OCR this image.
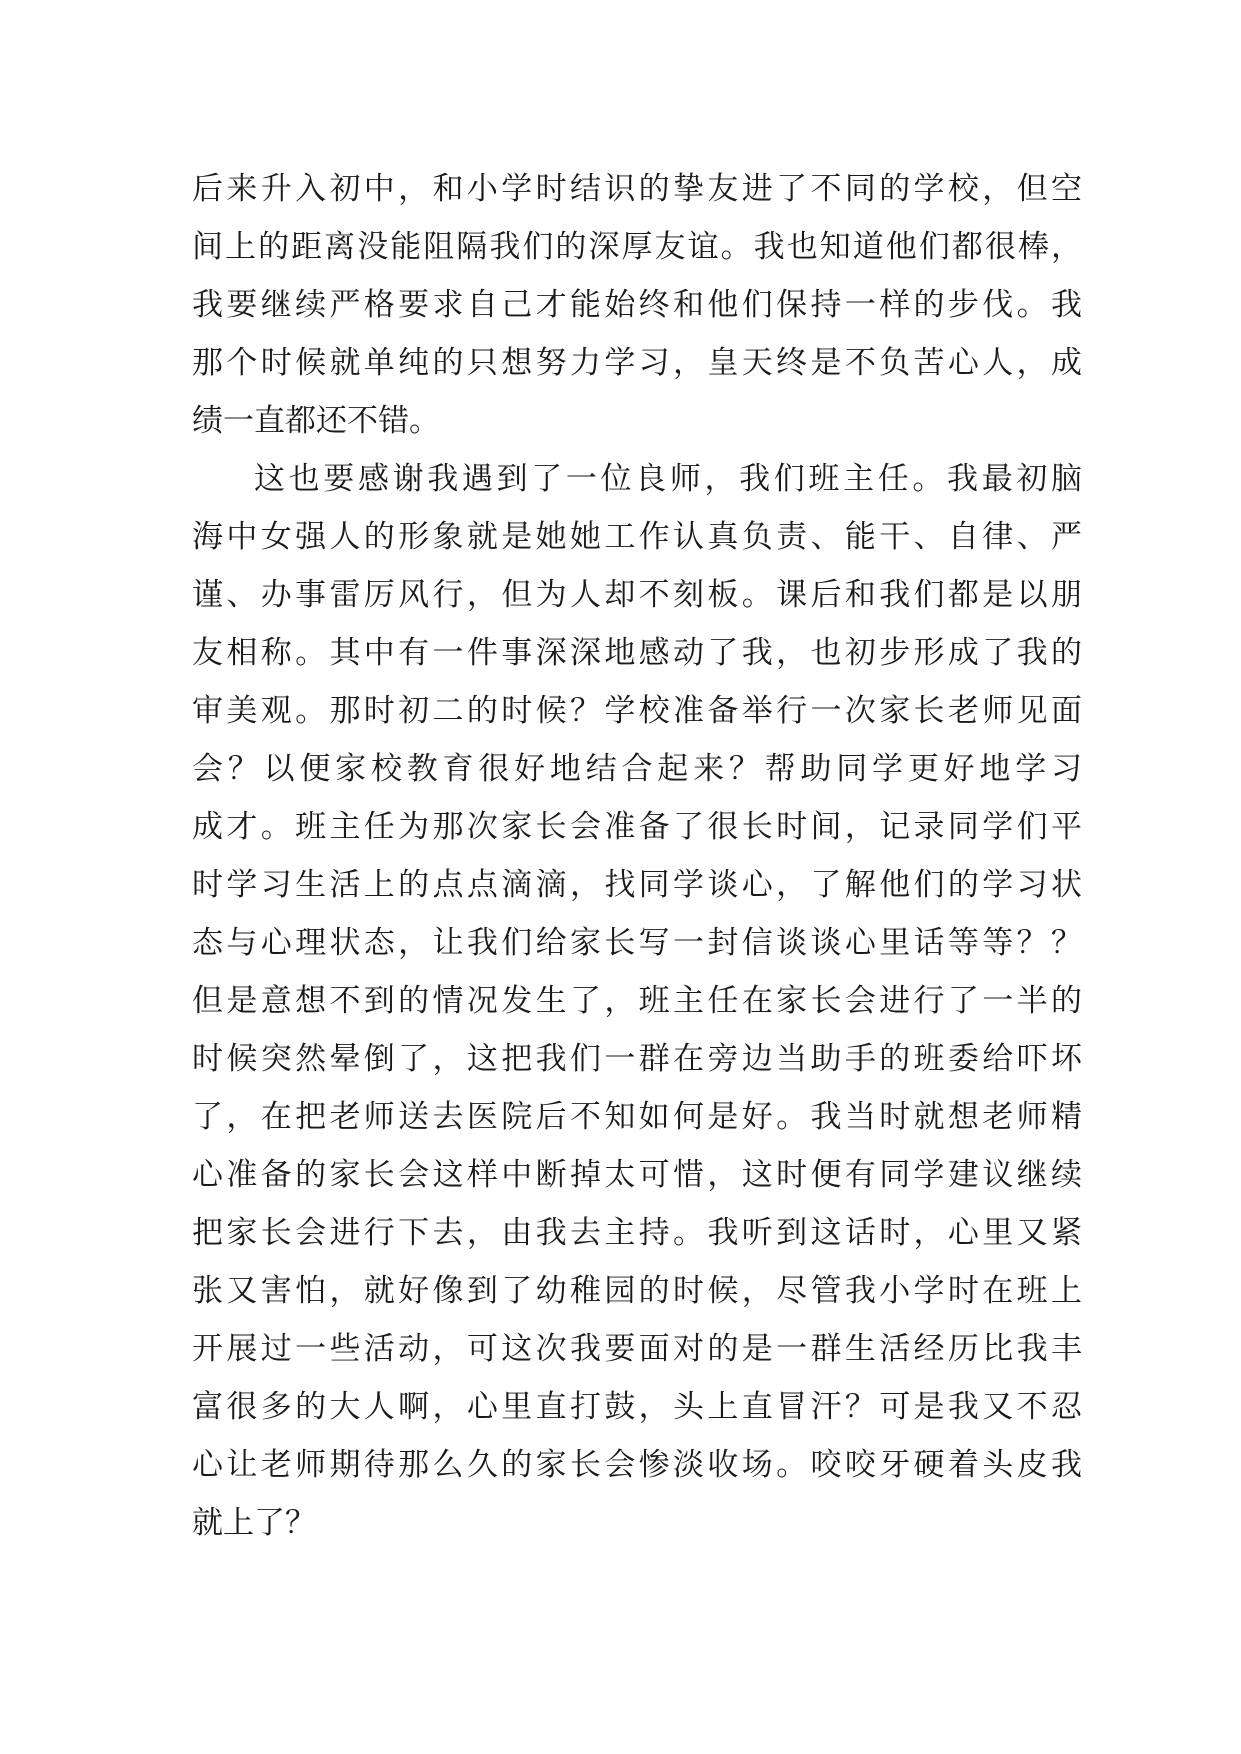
后来升入初中，和小学时结识的挚友进了不同的学校，但空
间上的距离没能阻隔我们的深厚友谊。我也知道他们都很棒，
我要继续严格要求自己才能始终和他们保持一样的步伐。我
那个时候就单纯的只想努力学习，皇天终是不负苦心人，成
绩一直都还不错。
这也要感谢我遇到了一位良师，我们班主任。我最初脑
海中女强人的形象就是她她工作认真负责、能干、自律、严
谨、办事雷厉风行，但为人却不刻板。课后和我们都是以朋
友相称。其中有一件事深深地感动了我，也初步形成了我的
审美观。那时初二的时候？学校准备举行一次家长老师见面
会？以便家校教育很好地结合起来？帮助同学更好地学习
成才。班主任为那次家长会准备了很长时间，记录同学们平
时学习生活上的点点滴滴，找同学谈心，了解他们的学习状
态与心理状态，让我们给家长写一封信谈谈心里话等等？？
但是意想不到的情况发生了，班主任在家长会进行了一半的
时候突然晕倒了，这把我们一群在旁边当助手的班委给吓坏
了，在把老师送去医院后不知如何是好。我当时就想老师精
心准备的家长会这样中断掉太可惜，这时便有同学建议继续
把家长会进行下去，由我去主持。我听到这话时，心里又紧
张又害怕，就好像到了幼稚园的时候，尽管我小学时在班上
开展过一些活动，可这次我要面对的是一群生活经历比我丰
富很多的大人啊，心里直打鼓，头上直冒汗？可是我又不忍
心让老师期待那么久的家长会惨淡收场。咬咬牙硬着头皮我
就上了？
